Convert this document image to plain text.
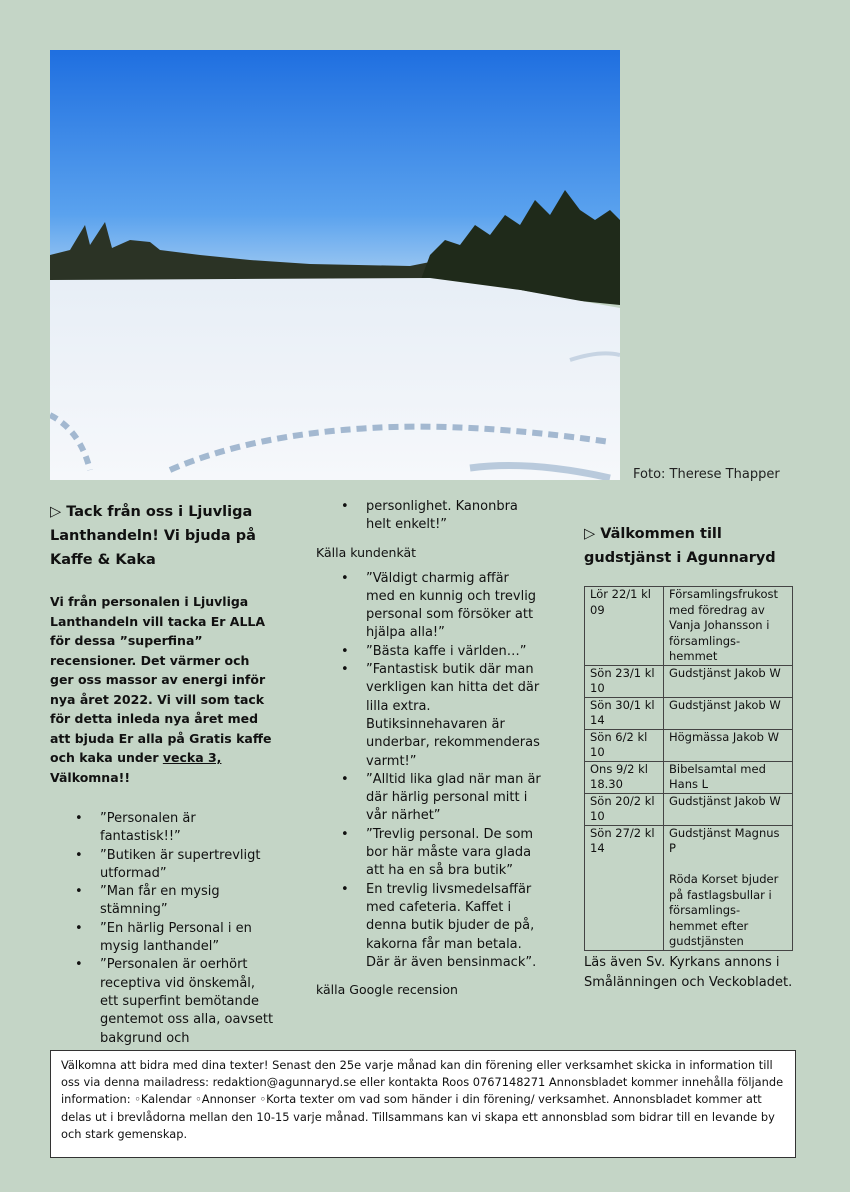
Foto: Therese Thapper
▷ Tack från oss i Ljuvliga Lanthandeln! Vi bjuda på Kaffe & Kaka

Vi från personalen i Ljuvliga Lanthandeln vill tacka Er ALLA för dessa ”superfina” recensioner. Det värmer och ger oss massor av energi inför nya året 2022. Vi vill som tack för detta inleda nya året med att bjuda Er alla på Gratis kaffe och kaka under vecka 3, Välkomna!!

• ”Personalen är fantastisk!!”
• ”Butiken är supertrevligt utformad”
• ”Man får en mysig stämning”
• ”En härlig Personal i en mysig lanthandel”
• ”Personalen är oerhört receptiva vid önskemål, ett superfint bemötande gentemot oss alla, oavsett bakgrund och
• personlighet. Kanonbra helt enkelt!”
Källa kundenkät
• ”Väldigt charmig affär med en kunnig och trevlig personal som försöker att hjälpa alla!”
• ”Bästa kaffe i världen…”
• ”Fantastisk butik där man verkligen kan hitta det där lilla extra. Butiksinnehavaren är underbar, rekommenderas varmt!”
• ”Alltid lika glad när man är där härlig personal mitt i vår närhet”
• ”Trevlig personal. De som bor här måste vara glada att ha en så bra butik”
• En trevlig livsmedelsaffär med cafeteria. Kaffet i denna butik bjuder de på, kakorna får man betala. Där är även bensinmack”.
källa Google recension
▷ Välkommen till gudstjänst i Agunnaryd
Lör 22/1 kl 09	Församlingsfrukost med föredrag av Vanja Johansson i församlings-hemmet
Sön 23/1 kl 10	Gudstjänst Jakob W
Sön 30/1 kl 14	Gudstjänst Jakob W
Sön 6/2 kl 10	Högmässa Jakob W
Ons 9/2 kl 18.30	Bibelsamtal med Hans L
Sön 20/2 kl 10	Gudstjänst Jakob W
Sön 27/2 kl 14	Gudstjänst Magnus P
Röda Korset bjuder på fastlagsbullar i församlings-hemmet efter gudstjänsten
Läs även Sv. Kyrkans annons i Smålänningen och Veckobladet.
Välkomna att bidra med dina texter! Senast den 25e varje månad kan din förening eller verksamhet skicka in information till oss via denna mailadress: redaktion@agunnaryd.se eller kontakta Roos 0767148271 Annonsbladet kommer innehålla följande information: ◦Kalendar ◦Annonser ◦Korta texter om vad som händer i din förening/ verksamhet. Annonsbladet kommer att delas ut i brevlådorna mellan den 10-15 varje månad. Tillsammans kan vi skapa ett annonsblad som bidrar till en levande by och stark gemenskap.
